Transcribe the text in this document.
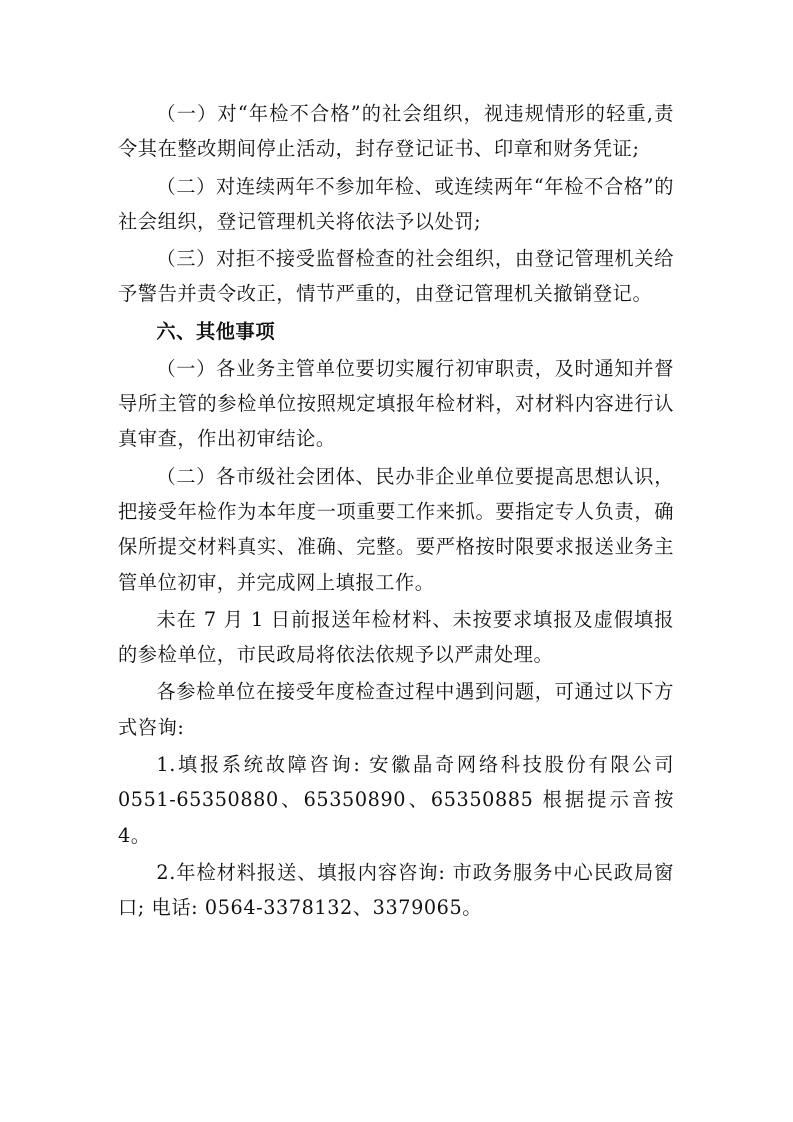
（一）对“年检不合格”的社会组织，视违规情形的轻重,责令其在整改期间停止活动，封存登记证书、印章和财务凭证;

（二）对连续两年不参加年检、或连续两年“年检不合格”的社会组织，登记管理机关将依法予以处罚;

（三）对拒不接受监督检查的社会组织，由登记管理机关给予警告并责令改正，情节严重的，由登记管理机关撤销登记。

六、其他事项

（一）各业务主管单位要切实履行初审职责，及时通知并督导所主管的参检单位按照规定填报年检材料，对材料内容进行认真审查，作出初审结论。

（二）各市级社会团体、民办非企业单位要提高思想认识，把接受年检作为本年度一项重要工作来抓。要指定专人负责，确保所提交材料真实、准确、完整。要严格按时限要求报送业务主管单位初审，并完成网上填报工作。

未在 7 月 1 日前报送年检材料、未按要求填报及虚假填报的参检单位，市民政局将依法依规予以严肃处理。

各参检单位在接受年度检查过程中遇到问题，可通过以下方式咨询:

1.填报系统故障咨询: 安徽晶奇网络科技股份有限公司 0551-65350880、65350890、65350885 根据提示音按 4。

2.年检材料报送、填报内容咨询: 市政务服务中心民政局窗口; 电话: 0564-3378132、3379065。
